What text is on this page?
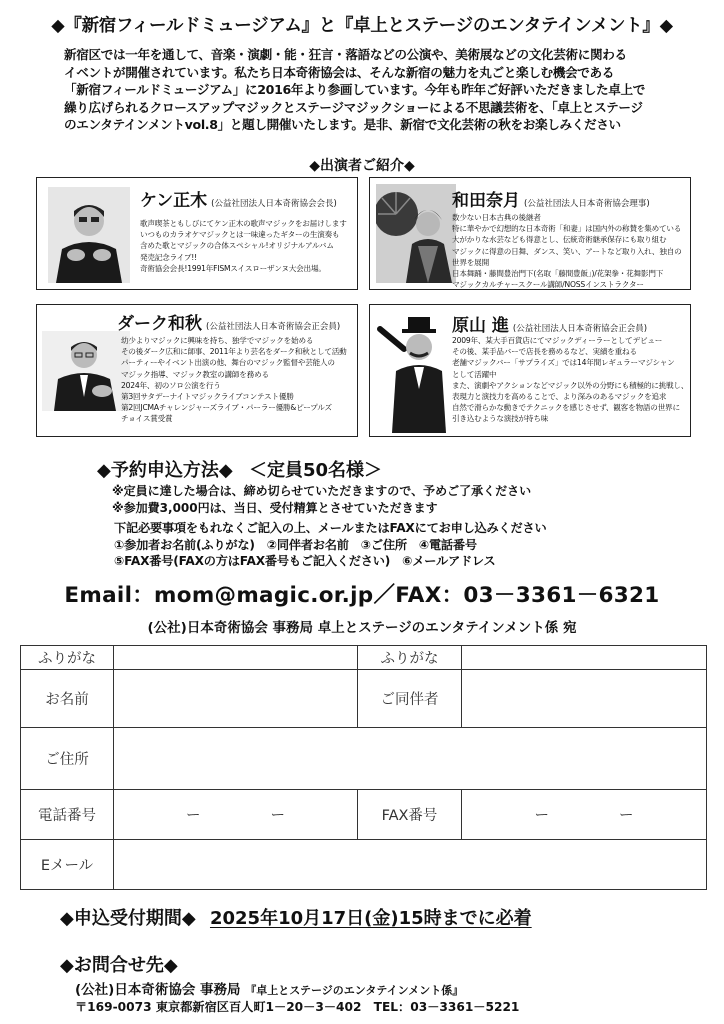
◆『新宿フィールドミュージアム』と『卓上とステージのエンタテインメント』◆
新宿区では一年を通して、音楽・演劇・能・狂言・落語などの公演や、美術展などの文化芸術に関わる
イベントが開催されています。私たち日本奇術協会は、そんな新宿の魅力を丸ごと楽しむ機会である
「新宿フィールドミュージアム」に2016年より参画しています。今年も昨年ご好評いただきました卓上で
繰り広げられるクロースアップマジックとステージマジックショーによる不思議芸術を、「卓上とステージ
のエンタテインメントvol.8」と題し開催いたします。是非、新宿で文化芸術の秋をお楽しみください
◆出演者ご紹介◆
ケン正木 (公益社団法人日本奇術協会会長)
歌声喫茶ともしびにてケン正木の歌声マジックをお届けします
いつものカラオケマジックとは一味違ったギターの生演奏も
含めた歌とマジックの合体スペシャル!オリジナルアルバム
発売記念ライブ!!
奇術協会会長!1991年FISMスイスローザンヌ大会出場。
和田奈月 (公益社団法人日本奇術協会理事)
数少ない日本古典の後継者
特に華やかで幻想的な日本奇術「和妻」は国内外の称賛を集めている
大がかりな水芸なども得意とし、伝統奇術継承保存にも取り組む
マジックに得意の日舞、ダンス、笑い、アートなど取り入れ、独自の
世界を展開
日本舞踊・藤間豊治門下(名取「藤間豊飯」)/花架拳・花舞影門下
マジックカルチャースクール講師/NOSSインストラクター
ダーク和秋 (公益社団法人日本奇術協会正会員)
幼少よりマジックに興味を持ち、独学でマジックを始める
その後ダーク広和に師事、2011年より芸名をダーク和秋として活動
パーティーやイベント出演の他、舞台のマジック監督や芸能人の
マジック指導、マジック教室の講師を務める
2024年、初のソロ公演を行う
第3回サタデーナイトマジックライブコンテスト優勝
第2回JCMAチャレンジャーズライブ・パーラー優勝&ピープルズ
チョイス賞受賞
原山 進 (公益社団法人日本奇術協会正会員)
2009年、某大手百貨店にてマジックディーラーとしてデビュー
その後、某手品バーで店長を務めるなど、実績を重ねる
老舗マジックバー「サプライズ」では14年間レギュラーマジシャン
として活躍中
また、演劇やアクションなどマジック以外の分野にも積極的に挑戦し、
表現力と演技力を高めることで、より深みのあるマジックを追求
自然で滑らかな動きでテクニックを感じさせず、観客を物語の世界に
引き込むような演技が持ち味
◆予約申込方法◆ ＜定員50名様＞
※定員に達した場合は、締め切らせていただきますので、予めご了承ください
※参加費3,000円は、当日、受付精算とさせていただきます
下記必要事項をもれなくご記入の上、メールまたはFAXにてお申し込みください
①参加者お名前(ふりがな)　②同伴者お名前　③ご住所　④電話番号
⑤FAX番号(FAXの方はFAX番号もご記入ください)　⑥メールアドレス
Email：mom@magic.or.jp／FAX：03－3361－6321
(公社)日本奇術協会 事務局 卓上とステージのエンタテインメント係 宛
ふりがな		ふりがな	
お名前		ご同伴者	
ご住所			
電話番号	ー ー	FAX番号	ー ー
Eメール			
◆申込受付期間◆ 2025年10月17日(金)15時までに必着
◆お問合せ先◆
(公社)日本奇術協会 事務局 『卓上とステージのエンタテインメント係』
〒169-0073 東京都新宿区百人町1－20－3－402　TEL：03－3361－5221
